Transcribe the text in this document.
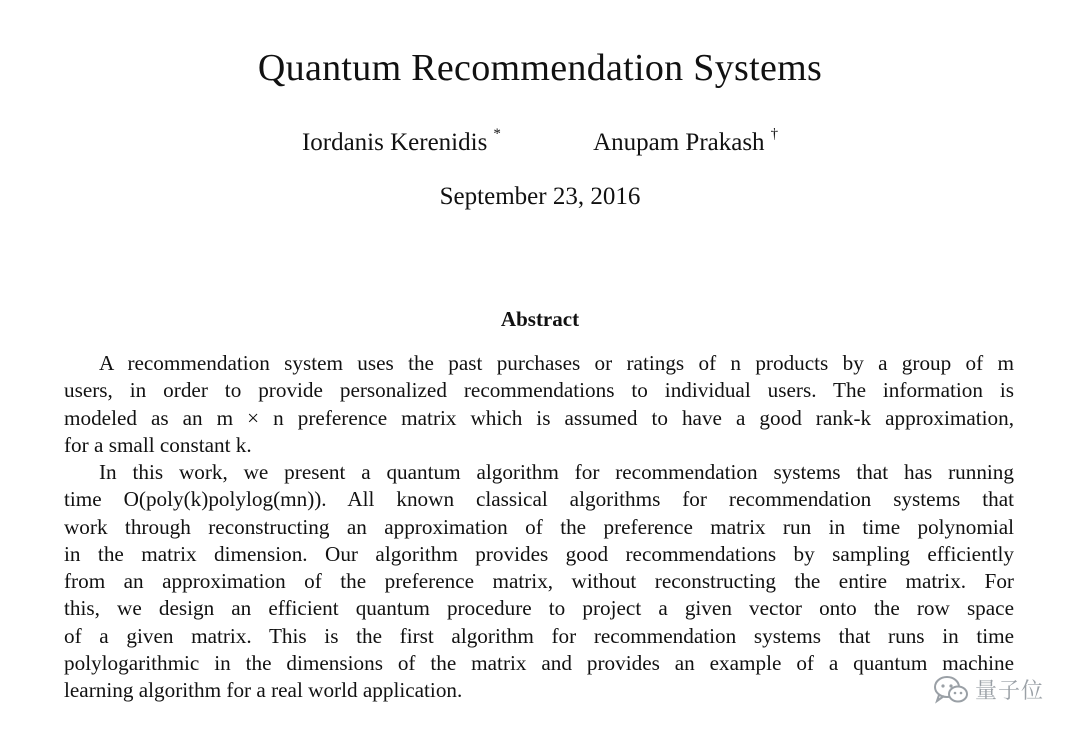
Quantum Recommendation Systems
Iordanis Kerenidis *	Anupam Prakash †
September 23, 2016
Abstract
A recommendation system uses the past purchases or ratings of n products by a group of m
users, in order to provide personalized recommendations to individual users. The information is
modeled as an m × n preference matrix which is assumed to have a good rank-k approximation,
for a small constant k.
In this work, we present a quantum algorithm for recommendation systems that has running
time O(poly(k)polylog(mn)). All known classical algorithms for recommendation systems that
work through reconstructing an approximation of the preference matrix run in time polynomial
in the matrix dimension. Our algorithm provides good recommendations by sampling efficiently
from an approximation of the preference matrix, without reconstructing the entire matrix. For
this, we design an efficient quantum procedure to project a given vector onto the row space
of a given matrix. This is the first algorithm for recommendation systems that runs in time
polylogarithmic in the dimensions of the matrix and provides an example of a quantum machine
learning algorithm for a real world application.	量子位
